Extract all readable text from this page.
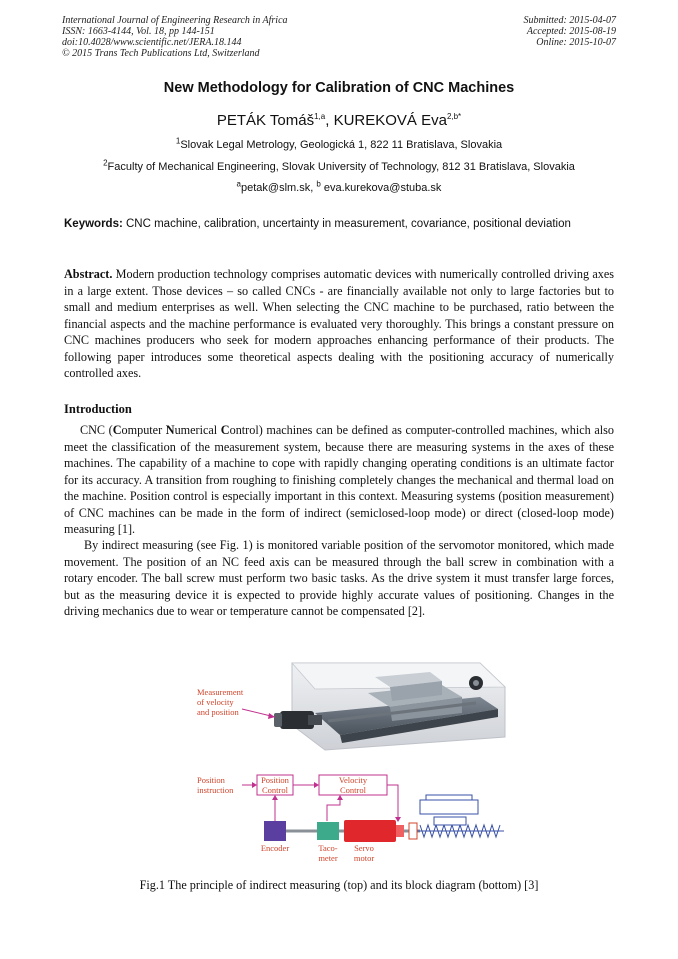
International Journal of Engineering Research in Africa
ISSN: 1663-4144, Vol. 18, pp 144-151
doi:10.4028/www.scientific.net/JERA.18.144
© 2015 Trans Tech Publications Ltd, Switzerland
Submitted: 2015-04-07
Accepted: 2015-08-19
Online: 2015-10-07
New Methodology for Calibration of CNC Machines
PETÁK Tomáš$^{1,a}$, KUREKOVÁ Eva$^{2,b*}$
$^1$Slovak Legal Metrology, Geologická 1, 822 11 Bratislava, Slovakia
$^2$Faculty of Mechanical Engineering, Slovak University of Technology, 812 31 Bratislava, Slovakia
$^a$petak@slm.sk, $^b$ eva.kurekova@stuba.sk
Keywords: CNC machine, calibration, uncertainty in measurement, covariance, positional deviation
Abstract. Modern production technology comprises automatic devices with numerically controlled driving axes in a large extent. Those devices – so called CNCs - are financially available not only to large factories but to small and medium enterprises as well. When selecting the CNC machine to be purchased, ratio between the financial aspects and the machine performance is evaluated very thoroughly. This brings a constant pressure on CNC machines producers who seek for modern approaches enhancing performance of their products. The following paper introduces some theoretical aspects dealing with the positioning accuracy of numerically controlled axes.
Introduction
CNC (Computer Numerical Control) machines can be defined as computer-controlled machines, which also meet the classification of the measurement system, because there are measuring systems in the axes of these machines. The capability of a machine to cope with rapidly changing operating conditions is an ultimate factor for its accuracy. A transition from roughing to finishing completely changes the mechanical and thermal load on the machine. Position control is especially important in this context. Measuring systems (position measurement) of CNC machines can be made in the form of indirect (semiclosed-loop mode) or direct (closed-loop mode) measuring [1].
By indirect measuring (see Fig. 1) is monitored variable position of the servomotor monitored, which made movement. The position of an NC feed axis can be measured through the ball screw in combination with a rotary encoder. The ball screw must perform two basic tasks. As the drive system it must transfer large forces, but as the measuring device it is expected to provide highly accurate values of positioning. Changes in the driving mechanics due to wear or temperature cannot be compensated [2].
Measurement
of velocity
and position
Position
instruction
Position
Control
Velocity
Control
Encoder	Taco-
meter
Servo
motor
Fig.1 The principle of indirect measuring (top) and its block diagram (bottom) [3]
